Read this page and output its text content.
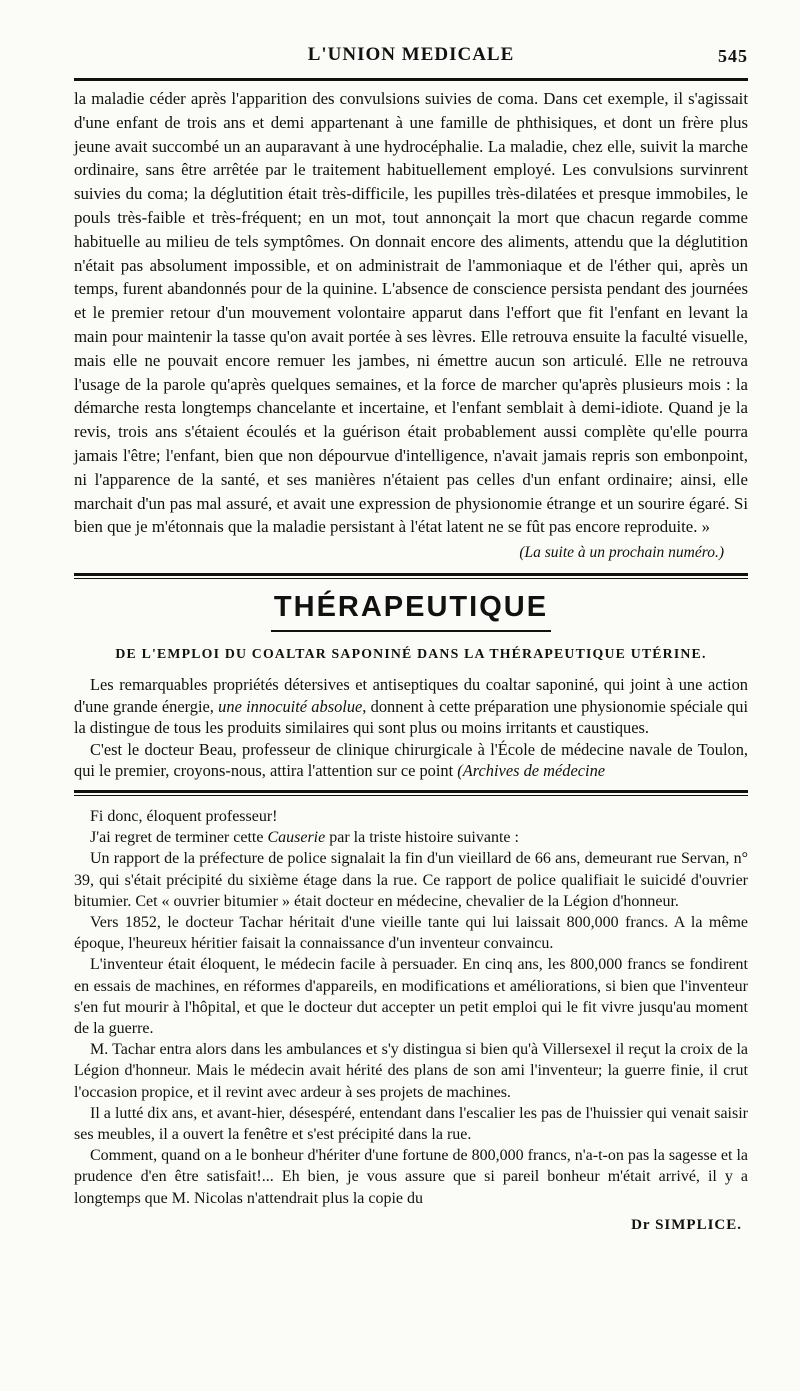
L'UNION MEDICALE	545

la maladie céder après l'apparition des convulsions suivies de coma. Dans cet exemple, il s'agissait d'une enfant de trois ans et demi appartenant à une famille de phthisiques, et dont un frère plus jeune avait succombé un an auparavant à une hydrocéphalie. La maladie, chez elle, suivit la marche ordinaire, sans être arrêtée par le traitement habituellement employé. Les convulsions survinrent suivies du coma; la déglutition était très-difficile, les pupilles très-dilatées et presque immobiles, le pouls très-faible et très-fréquent; en un mot, tout annonçait la mort que chacun regarde comme habituelle au milieu de tels symptômes. On donnait encore des aliments, attendu que la déglutition n'était pas absolument impossible, et on administrait de l'ammoniaque et de l'éther qui, après un temps, furent abandonnés pour de la quinine. L'absence de conscience persista pendant des journées et le premier retour d'un mouvement volontaire apparut dans l'effort que fit l'enfant en levant la main pour maintenir la tasse qu'on avait portée à ses lèvres. Elle retrouva ensuite la faculté visuelle, mais elle ne pouvait encore remuer les jambes, ni émettre aucun son articulé. Elle ne retrouva l'usage de la parole qu'après quelques semaines, et la force de marcher qu'après plusieurs mois : la démarche resta longtemps chancelante et incertaine, et l'enfant semblait à demi-idiote. Quand je la revis, trois ans s'étaient écoulés et la guérison était probablement aussi complète qu'elle pourra jamais l'être; l'enfant, bien que non dépourvue d'intelligence, n'avait jamais repris son embonpoint, ni l'apparence de la santé, et ses manières n'étaient pas celles d'un enfant ordinaire; ainsi, elle marchait d'un pas mal assuré, et avait une expression de physionomie étrange et un sourire égaré. Si bien que je m'étonnais que la maladie persistant à l'état latent ne se fût pas encore reproduite. »

(La suite à un prochain numéro.)

THÉRAPEUTIQUE
DE L'EMPLOI DU COALTAR SAPONINÉ DANS LA THÉRAPEUTIQUE UTÉRINE.

Les remarquables propriétés détersives et antiseptiques du coaltar saponiné, qui joint à une action d'une grande énergie, une innocuité absolue, donnent à cette préparation une physionomie spéciale qui la distingue de tous les produits similaires qui sont plus ou moins irritants et caustiques.

C'est le docteur Beau, professeur de clinique chirurgicale à l'École de médecine navale de Toulon, qui le premier, croyons-nous, attira l'attention sur ce point (Archives de médecine

Fi donc, éloquent professeur!

J'ai regret de terminer cette Causerie par la triste histoire suivante :

Un rapport de la préfecture de police signalait la fin d'un vieillard de 66 ans, demeurant rue Servan, n° 39, qui s'était précipité du sixième étage dans la rue. Ce rapport de police qualifiait le suicidé d'ouvrier bitumier. Cet « ouvrier bitumier » était docteur en médecine, chevalier de la Légion d'honneur.

Vers 1852, le docteur Tachar héritait d'une vieille tante qui lui laissait 800,000 francs. A la même époque, l'heureux héritier faisait la connaissance d'un inventeur convaincu.

L'inventeur était éloquent, le médecin facile à persuader. En cinq ans, les 800,000 francs se fondirent en essais de machines, en réformes d'appareils, en modifications et améliorations, si bien que l'inventeur s'en fut mourir à l'hôpital, et que le docteur dut accepter un petit emploi qui le fit vivre jusqu'au moment de la guerre.

M. Tachar entra alors dans les ambulances et s'y distingua si bien qu'à Villersexel il reçut la croix de la Légion d'honneur. Mais le médecin avait hérité des plans de son ami l'inventeur; la guerre finie, il crut l'occasion propice, et il revint avec ardeur à ses projets de machines.

Il a lutté dix ans, et avant-hier, désespéré, entendant dans l'escalier les pas de l'huissier qui venait saisir ses meubles, il a ouvert la fenêtre et s'est précipité dans la rue.

Comment, quand on a le bonheur d'hériter d'une fortune de 800,000 francs, n'a-t-on pas la sagesse et la prudence d'en être satisfait!... Eh bien, je vous assure que si pareil bonheur m'était arrivé, il y a longtemps que M. Nicolas n'attendrait plus la copie du

Dr SIMPLICE.
